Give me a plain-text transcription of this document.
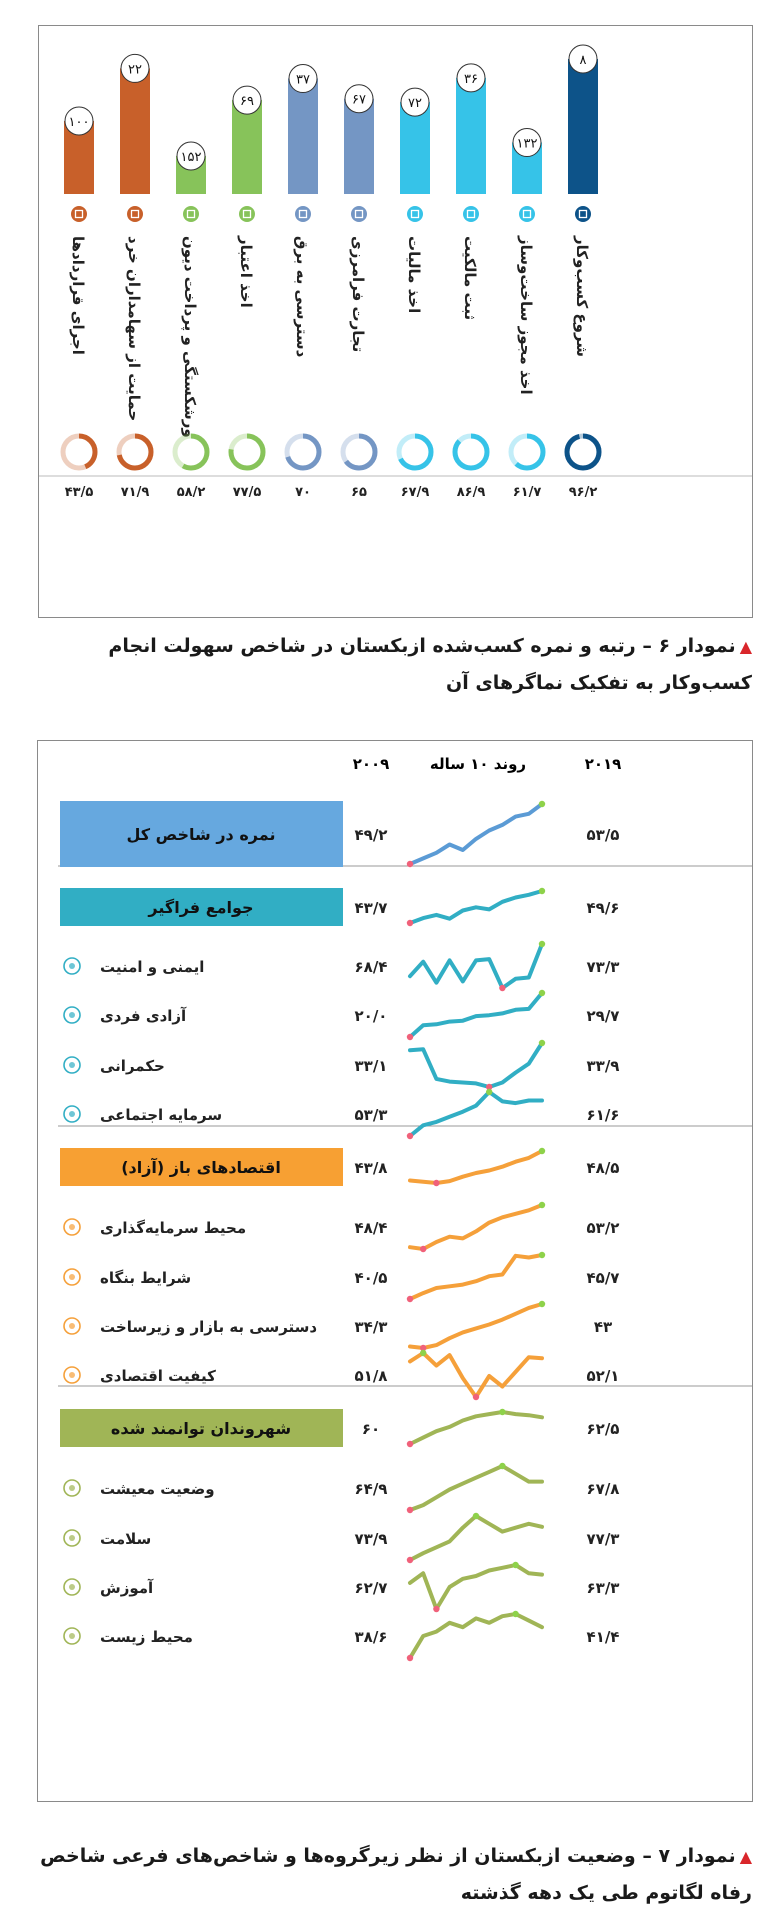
۱۰۰
اجرای قراردادها
۴۳/۵
۲۲
حمایت از سهامداران خرد
۷۱/۹
۱۵۲
ورشکستگی و پرداخت دیون
۵۸/۲
۶۹
اخذ اعتبار
۷۷/۵
۳۷
دسترسی به برق
۷۰
۶۷
تجارت فرامرزی
۶۵
۷۲
اخذ مالیات
۶۷/۹
۳۶
ثبت مالکیت
۸۶/۹
۱۳۲
اخذ مجوز ساخت‌وساز
۶۱/۷
۸
شروع کسب‌وکار
۹۶/۲
▲نمودار ۶ – رتبه و نمره کسب‌شده ازبکستان در شاخص سهولت انجام کسب‌وکار به تفکیک نماگرهای آن
۲۰۱۹
روند ۱۰ ساله
۲۰۰۹
نمره در شاخص کل	۴۹/۲	۵۳/۵
جوامع فراگیر	۴۳/۷	۴۹/۶
ایمنی و امنیت	۶۸/۴	۷۳/۳
آزادی فردی	۲۰/۰	۲۹/۷
حکمرانی	۳۳/۱	۳۳/۹
سرمایه اجتماعی	۵۳/۳	۶۱/۶
اقتصادهای باز (آزاد)	۴۳/۸	۴۸/۵
محیط سرمایه‌گذاری	۴۸/۴	۵۳/۲
شرایط بنگاه	۴۰/۵	۴۵/۷
دسترسی به بازار و زیرساخت ۳۴/۳	۴۳
کیفیت اقتصادی	۵۱/۸	۵۲/۱
شهروندان توانمند شده	۶۰	۶۲/۵
وضعیت معیشت	۶۴/۹	۶۷/۸
سلامت	۷۳/۹	۷۷/۳
آموزش	۶۲/۷	۶۳/۳
محیط زیست	۳۸/۶	۴۱/۴
▲نمودار ۷ – وضعیت ازبکستان از نظر زیرگروه‌ها و شاخص‌های فرعی شاخص رفاه لگاتوم طی یک دهه گذشته
